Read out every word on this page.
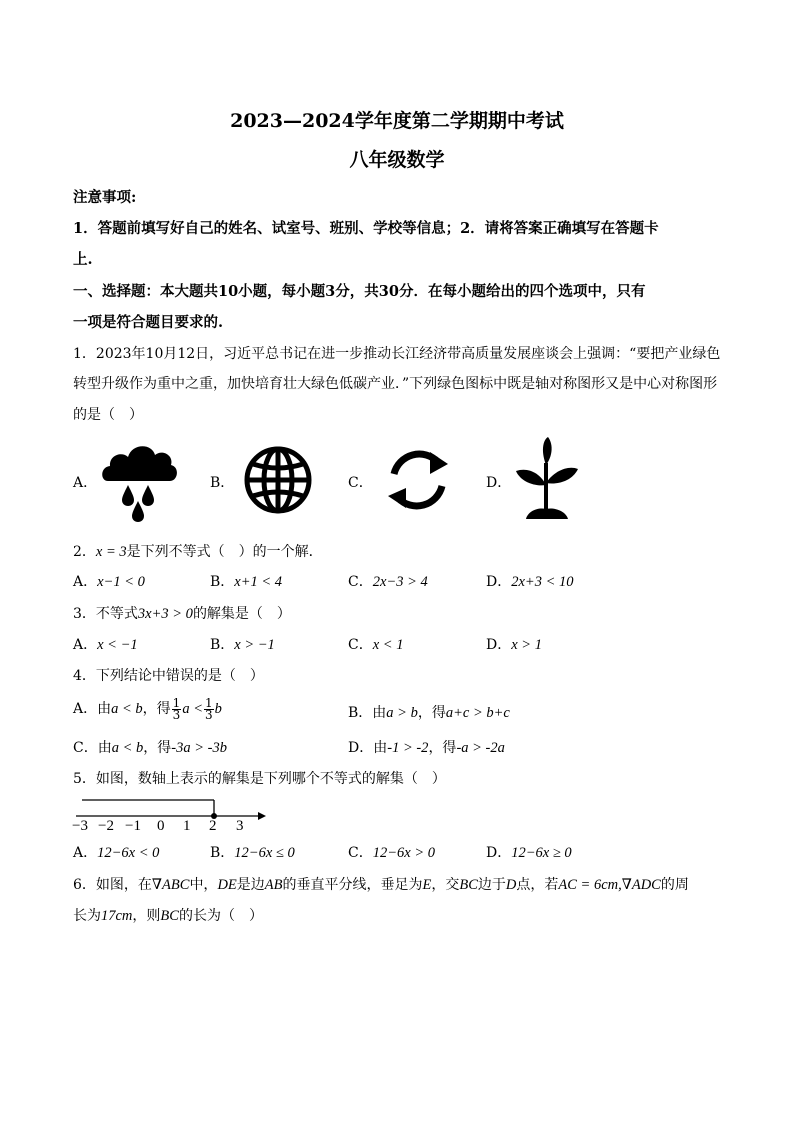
2023—2024学年度第二学期期中考试
八年级数学
注意事项:
1．答题前填写好自己的姓名、试室号、班别、学校等信息；2．请将答案正确填写在答题卡
上.
一、选择题：本大题共10小题，每小题3分，共30分．在每小题给出的四个选项中，只有
一项是符合题目要求的.
1．2023年10月12日，习近平总书记在进一步推动长江经济带高质量发展座谈会上强调：“要把产业绿色
转型升级作为重中之重，加快培育壮大绿色低碳产业．”下列绿色图标中既是轴对称图形又是中心对称图形
的是（　）
A．	B．	C．	D．
2．x = 3是下列不等式（　）的一个解．
A．x−1 < 0	B．x+1 < 4	C．2x−3 > 4	D．2x+3 < 10
3．不等式3x+3 > 0的解集是（　）
A．x < −1	B．x > −1	C．x < 1	D．x > 1
4．下列结论中错误的是（　）
A．由a < b，得 $\frac{1}{3}$ $a < \frac{1}{3}$ b	B．由a > b，得a+c > b+c
C．由a < b，得-3a > -3b	D．由-1 > -2，得-a > -2a
5．如图，数轴上表示的解集是下列哪个不等式的解集（　）
−3 −2 −1 0 1 2 3
A．12−6x < 0	B．12−6x ≤ 0	C．12−6x > 0	D．12−6x ≥ 0
6．如图，在∇ABC中，DE是边AB的垂直平分线，垂足为E，交BC边于D点，若AC = 6cm,∇ADC的周
长为17cm，则BC的长为（　）
